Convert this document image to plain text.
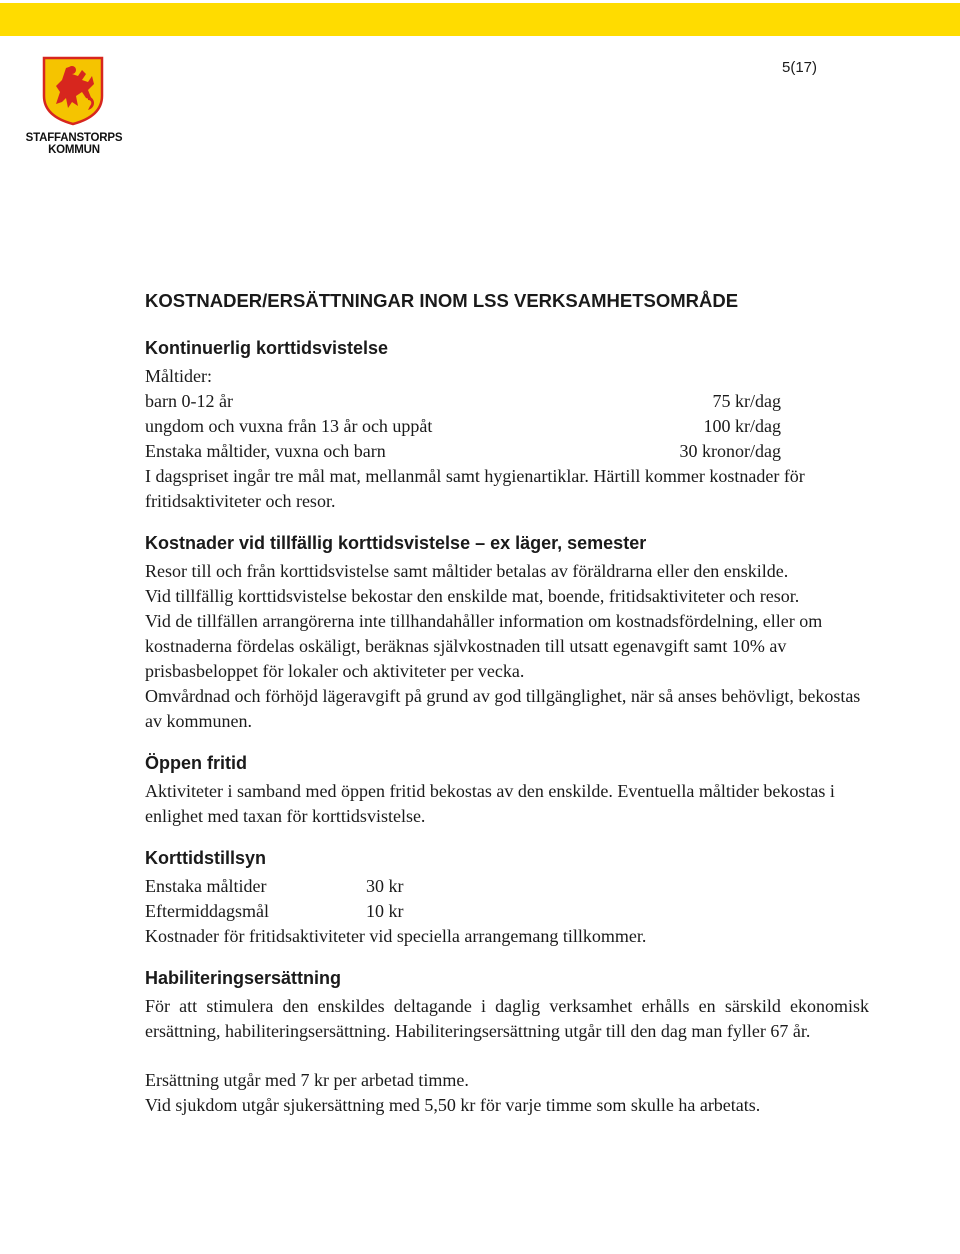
STAFFANSTORPS
KOMMUN
5(17)
KOSTNADER/ERSÄTTNINGAR INOM LSS VERKSAMHETSOMRÅDE
Kontinuerlig korttidsvistelse

Måltider:

barn 0-12 år	75 kr/dag
ungdom och vuxna från 13 år och uppåt	100 kr/dag
Enstaka måltider, vuxna och barn	30 kronor/dag

I dagspriset ingår tre mål mat, mellanmål samt hygienartiklar. Härtill kommer kostnader för fritidsaktiviteter och resor.

Kostnader vid tillfällig korttidsvistelse – ex läger, semester

Resor till och från korttidsvistelse samt måltider betalas av föräldrarna eller den enskilde.

Vid tillfällig korttidsvistelse bekostar den enskilde mat, boende, fritidsaktiviteter och resor.

Vid de tillfällen arrangörerna inte tillhandahåller information om kostnadsfördelning, eller om kostnaderna fördelas oskäligt, beräknas självkostnaden till utsatt egenavgift samt 10% av prisbasbeloppet för lokaler och aktiviteter per vecka.

Omvårdnad och förhöjd lägeravgift på grund av god tillgänglighet, när så anses behövligt, bekostas av kommunen.

Öppen fritid

Aktiviteter i samband med öppen fritid bekostas av den enskilde. Eventuella måltider bekostas i enlighet med taxan för korttidsvistelse.

Korttidstillsyn
Enstaka måltider	30 kr
Eftermiddagsmål	10 kr

Kostnader för fritidsaktiviteter vid speciella arrangemang tillkommer.

Habiliteringsersättning

För att stimulera den enskildes deltagande i daglig verksamhet erhålls en särskild ekonomisk ersättning, habiliteringsersättning. Habiliteringsersättning utgår till den dag man fyller 67 år.

Ersättning utgår med 7 kr per arbetad timme.

Vid sjukdom utgår sjukersättning med 5,50 kr för varje timme som skulle ha arbetats.
